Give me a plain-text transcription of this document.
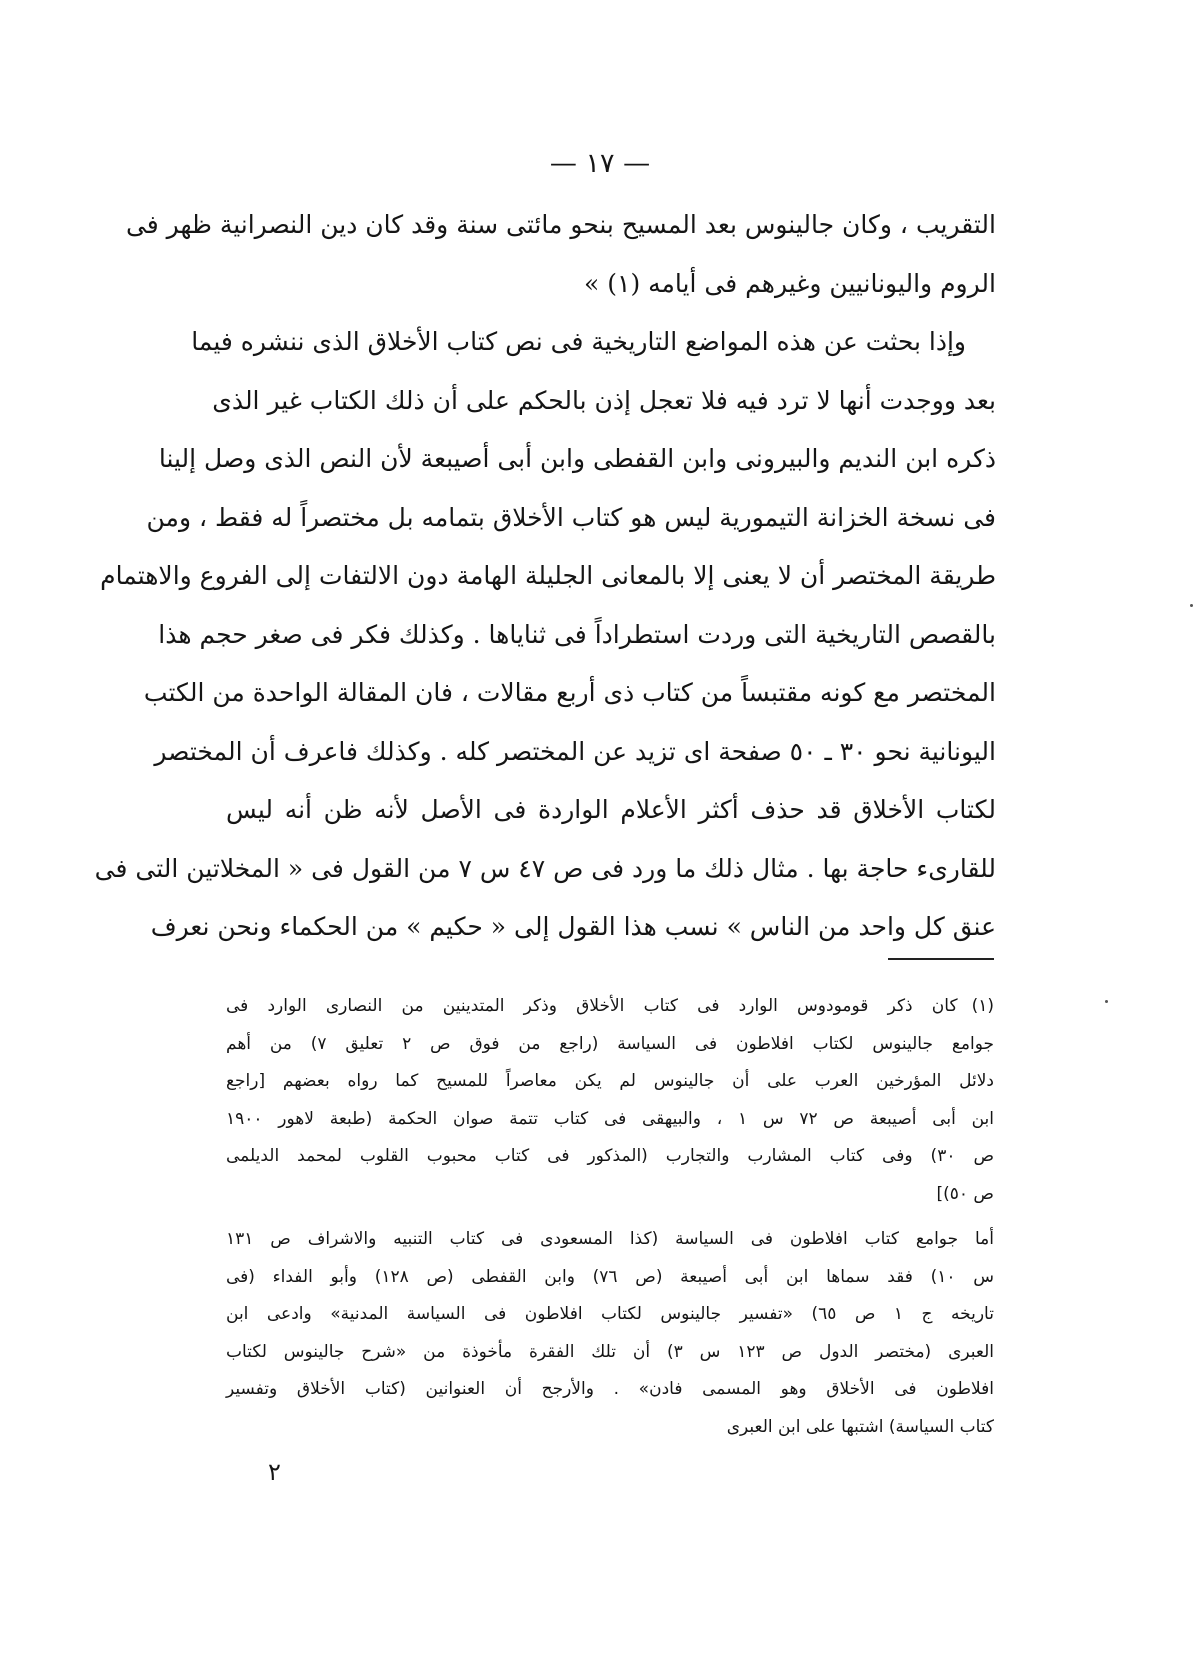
— ١٧ —
التقريب ، وكان جالينوس بعد المسيح بنحو مائتى سنة وقد كان دين النصرانية ظهر فى
الروم واليونانيين وغيرهم فى أيامه (١) »
وإذا بحثت عن هذه المواضع التاريخية فى نص كتاب الأخلاق الذى ننشره فيما
بعد ووجدت أنها لا ترد فيه فلا تعجل إذن بالحكم على أن ذلك الكتاب غير الذى
ذكره ابن النديم والبيرونى وابن القفطى وابن أبى أصيبعة لأن النص الذى وصل إلينا
فى نسخة الخزانة التيمورية ليس هو كتاب الأخلاق بتمامه بل مختصراً له فقط ، ومن
طريقة المختصر أن لا يعنى إلا بالمعانى الجليلة الهامة دون الالتفات إلى الفروع والاهتمام
بالقصص التاريخية التى وردت استطراداً فى ثناياها . وكذلك فكر فى صغر حجم هذا
المختصر مع كونه مقتبساً من كتاب ذى أربع مقالات ، فان المقالة الواحدة من الكتب
اليونانية نحو ٣٠ ـ ٥٠ صفحة اى تزيد عن المختصر كله . وكذلك فاعرف أن المختصر
لكتاب الأخلاق قد حذف أكثر الأعلام الواردة فى الأصل لأنه ظن أنه ليس
للقارىء حاجة بها . مثال ذلك ما ورد فى ص ٤٧ س ٧ من القول فى « المخلاتين التى فى
عنق كل واحد من الناس » نسب هذا القول إلى « حكيم » من الحكماء ونحن نعرف
(١)كان ذكر قومودوس الوارد فى كتاب الأخلاق وذكر المتدينين من النصارى الوارد فى
جوامع جالينوس لكتاب افلاطون فى السياسة (راجع من فوق ص ٢ تعليق ٧) من أهم
دلائل المؤرخين العرب على أن جالينوس لم يكن معاصراً للمسيح كما رواه بعضهم [راجع
ابن أبى أصيبعة ص ٧٢ س ١ ، والبيهقى فى كتاب تتمة صوان الحكمة (طبعة لاهور ١٩٠٠
ص ٣٠) وفى كتاب المشارب والتجارب (المذكور فى كتاب محبوب القلوب لمحمد الديلمى
ص ٥٠)]
أما جوامع كتاب افلاطون فى السياسة (كذا المسعودى فى كتاب التنبيه والاشراف ص ١٣١
س ١٠) فقد سماها ابن أبى أصيبعة (ص ٧٦) وابن القفطى (ص ١٢٨) وأبو الفداء (فى
تاريخه ج ١ ص ٦٥) «تفسير جالينوس لكتاب افلاطون فى السياسة المدنية» وادعى ابن
العبرى (مختصر الدول ص ١٢٣ س ٣) أن تلك الفقرة مأخوذة من «شرح جالينوس لكتاب
افلاطون فى الأخلاق وهو المسمى فادن» . والأرجح أن العنوانين (كتاب الأخلاق وتفسير
كتاب السياسة) اشتبها على ابن العبرى
٢
